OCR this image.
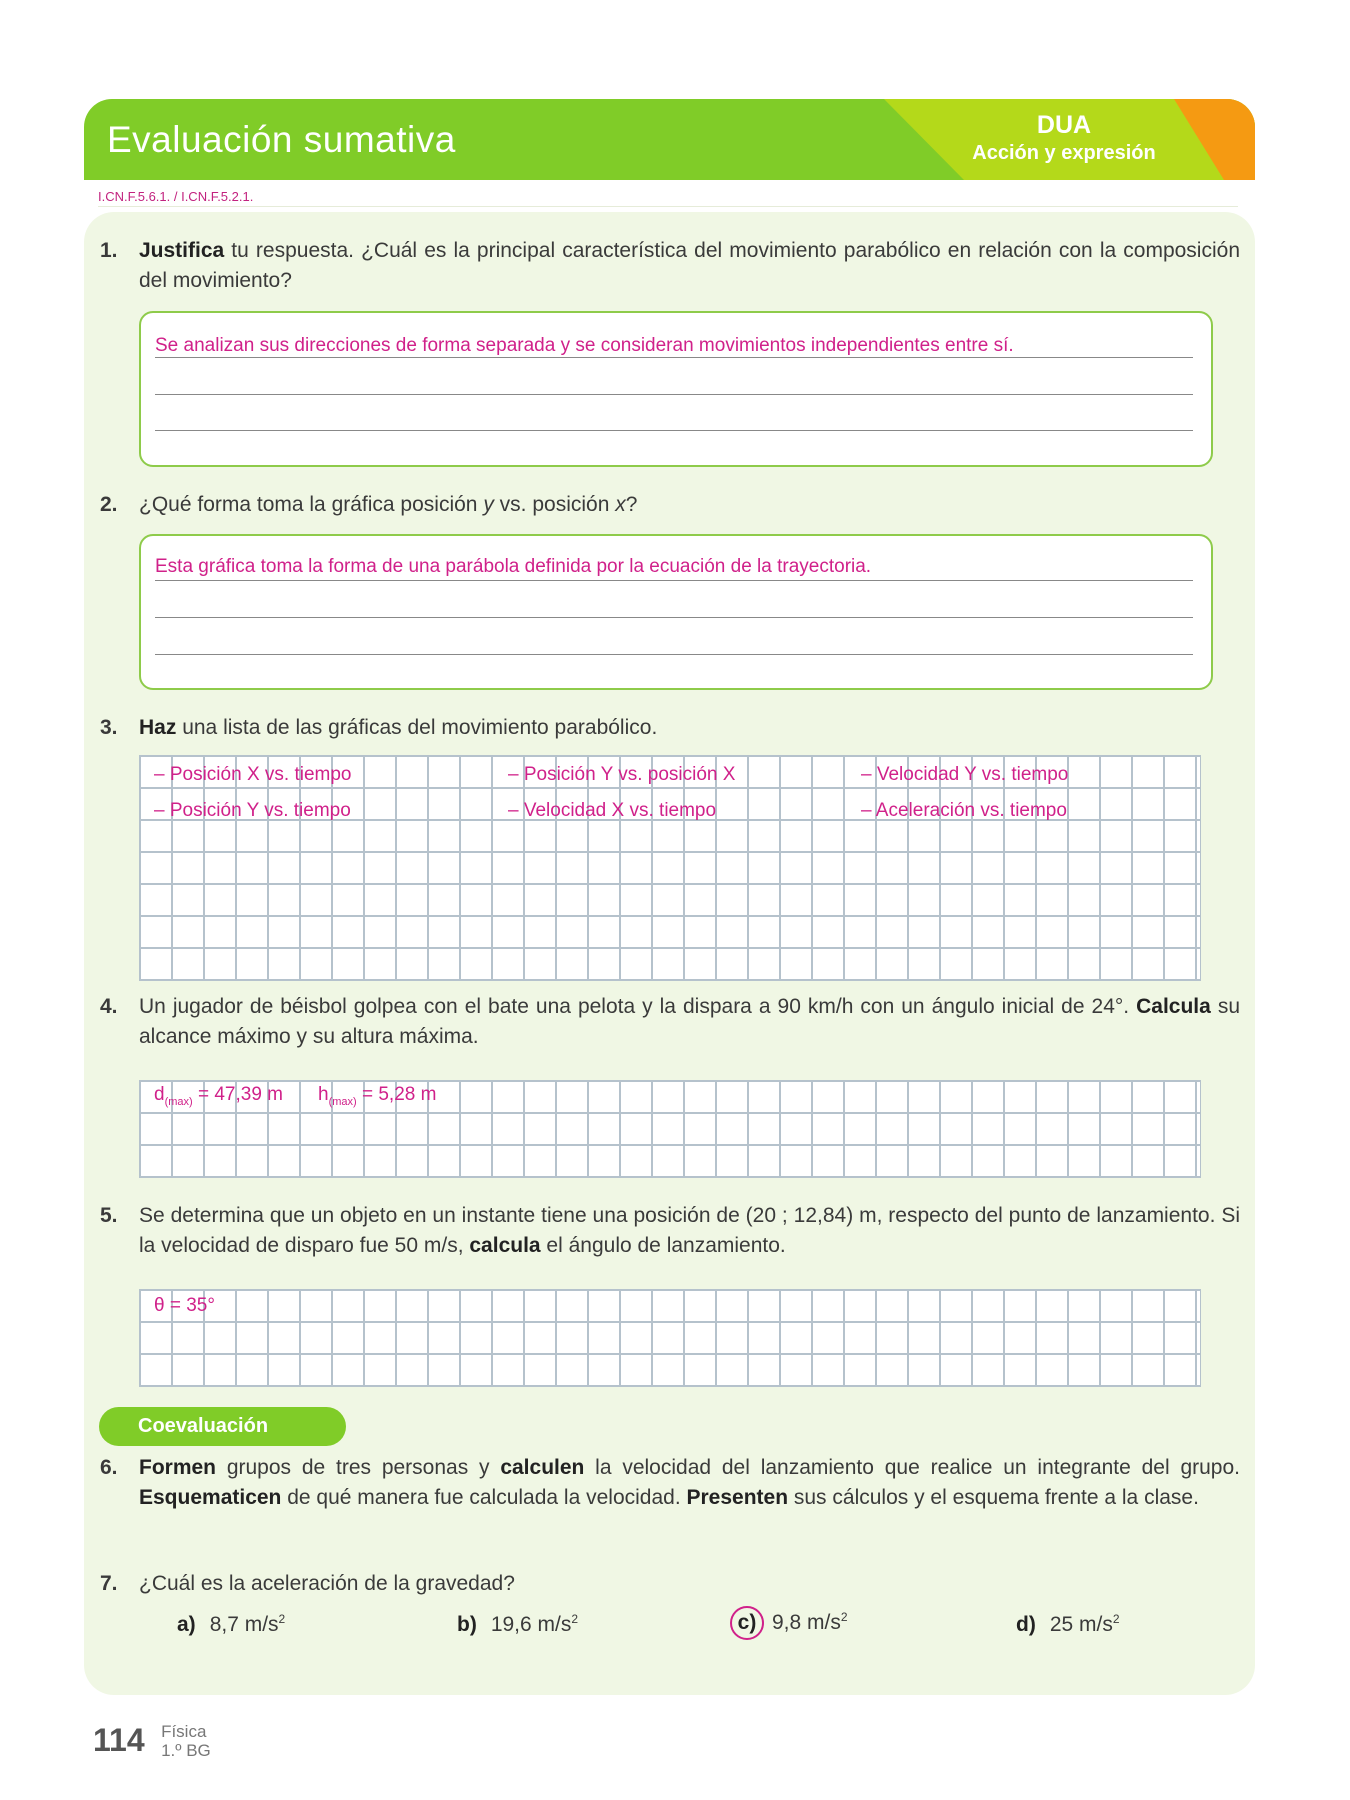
Evaluación sumativa	DUA
Acción y expresión
I.CN.F.5.6.1. / I.CN.F.5.2.1.
1. Justifica tu respuesta. ¿Cuál es la principal característica del movimiento parabólico en relación con la composición del movimiento?
Se analizan sus direcciones de forma separada y se consideran movimientos independientes entre sí.
2. ¿Qué forma toma la gráfica posición y vs. posición x?
Esta gráfica toma la forma de una parábola definida por la ecuación de la trayectoria.
3. Haz una lista de las gráficas del movimiento parabólico.
– Posición X vs. tiempo	– Posición Y vs. posición X	– Velocidad Y vs. tiempo
– Posición Y vs. tiempo	– Velocidad X vs. tiempo	– Aceleración vs. tiempo
4. Un jugador de béisbol golpea con el bate una pelota y la dispara a 90 km/h con un ángulo inicial de 24°. Calcula su alcance máximo y su altura máxima.
$d_{(max)} = 47,39$ m $h_{(max)} = 5,28$ m
5. Se determina que un objeto en un instante tiene una posición de (20 ; 12,84) m, respecto del punto de lanzamiento. Si la velocidad de disparo fue 50 m/s, calcula el ángulo de lanzamiento.
θ = 35°
Coevaluación
6. Formen grupos de tres personas y calculen la velocidad del lanzamiento que realice un integrante del grupo. Esquematicen de qué manera fue calculada la velocidad. Presenten sus cálculos y el esquema frente a la clase.
7. ¿Cuál es la aceleración de la gravedad?
a) 8,7 $m/s^2$	b) 19,6 $m/s^2$	c) 9,8 $m/s^2$	d) 25 $m/s^2$
114 Física
1.º BG
